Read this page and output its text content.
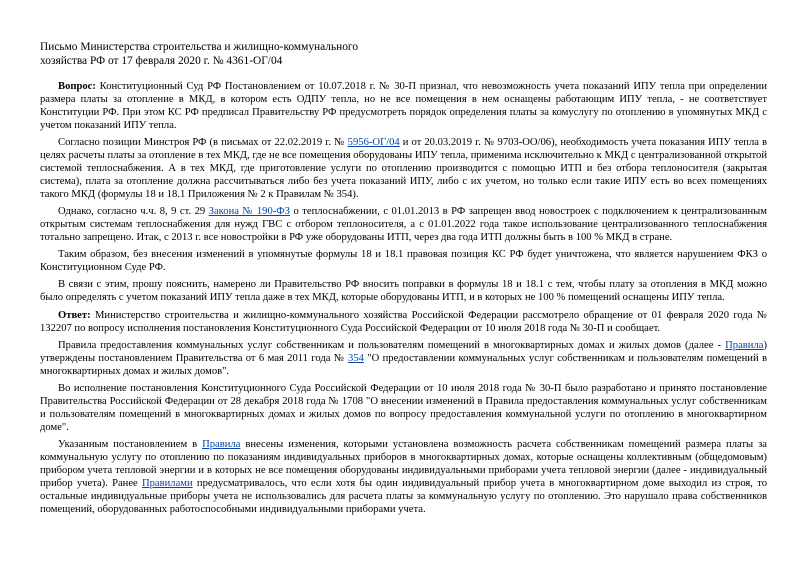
Письмо Министерства строительства и жилищно-коммунального
хозяйства РФ от 17 февраля 2020 г. № 4361-ОГ/04

Вопрос: Конституционный Суд РФ Постановлением от 10.07.2018 г. № 30-П признал, что невозможность учета показаний ИПУ тепла при определении размера платы за отопление в МКД, в котором есть ОДПУ тепла, но не все помещения в нем оснащены работающим ИПУ тепла, - не соответствует Конституции РФ. При этом КС РФ предписал Правительству РФ предусмотреть порядок определения платы за комуслугу по отоплению в упомянутых МКД с учетом показаний ИПУ тепла.

Согласно позиции Минстроя РФ (в письмах от 22.02.2019 г. № 5956-ОГ/04 и от 20.03.2019 г. № 9703-ОО/06), необходимость учета показания ИПУ тепла в целях расчеты платы за отопление в тех МКД, где не все помещения оборудованы ИПУ тепла, применима исключительно к МКД с централизованной открытой системой теплоснабжения. А в тех МКД, где приготовление услуги по отоплению производится с помощью ИТП и без отбора теплоносителя (закрытая система), плата за отопление должна рассчитываться либо без учета показаний ИПУ, либо с их учетом, но только если такие ИПУ есть во всех помещениях такого МКД (формулы 18 и 18.1 Приложения № 2 к Правилам № 354).

Однако, согласно ч.ч. 8, 9 ст. 29 Закона № 190-ФЗ о теплоснабжении, с 01.01.2013 в РФ запрещен ввод новостроек с подключением к централизованным открытым системам теплоснабжения для нужд ГВС с отбором теплоносителя, а с 01.01.2022 года такое использование централизованного теплоснабжения тотально запрещено. Итак, с 2013 г. все новостройки в РФ уже оборудованы ИТП, через два года ИТП должны быть в 100 % МКД в стране.

Таким образом, без внесения изменений в упомянутые формулы 18 и 18.1 правовая позиция КС РФ будет уничтожена, что является нарушением ФКЗ о Конституционном Суде РФ.

В связи с этим, прошу пояснить, намерено ли Правительство РФ вносить поправки в формулы 18 и 18.1 с тем, чтобы плату за отопления в МКД можно было определять с учетом показаний ИПУ тепла даже в тех МКД, которые оборудованы ИТП, и в которых не 100 % помещений оснащены ИПУ тепла.

Ответ: Министерство строительства и жилищно-коммунального хозяйства Российской Федерации рассмотрело обращение от 01 февраля 2020 года № 132207 по вопросу исполнения постановления Конституционного Суда Российской Федерации от 10 июля 2018 года № 30-П и сообщает.

Правила предоставления коммунальных услуг собственникам и пользователям помещений в многоквартирных домах и жилых домов (далее - Правила) утверждены постановлением Правительства от 6 мая 2011 года № 354 "О предоставлении коммунальных услуг собственникам и пользователям помещений в многоквартирных домах и жилых домов".

Во исполнение постановления Конституционного Суда Российской Федерации от 10 июля 2018 года № 30-П было разработано и принято постановление Правительства Российской Федерации от 28 декабря 2018 года № 1708 "О внесении изменений в Правила предоставления коммунальных услуг собственникам и пользователям помещений в многоквартирных домах и жилых домов по вопросу предоставления коммунальной услуги по отоплению в многоквартирном доме".

Указанным постановлением в Правила внесены изменения, которыми установлена возможность расчета собственникам помещений размера платы за коммунальную услугу по отоплению по показаниям индивидуальных приборов в многоквартирных домах, которые оснащены коллективным (общедомовым) прибором учета тепловой энергии и в которых не все помещения оборудованы индивидуальными приборами учета тепловой энергии (далее - индивидуальный прибор учета). Ранее Правилами предусматривалось, что если хотя бы один индивидуальный прибор учета в многоквартирном доме выходил из строя, то остальные индивидуальные приборы учета не использовались для расчета платы за коммунальную услугу по отоплению. Это нарушало права собственников помещений, оборудованных работоспособными индивидуальными приборами учета.
